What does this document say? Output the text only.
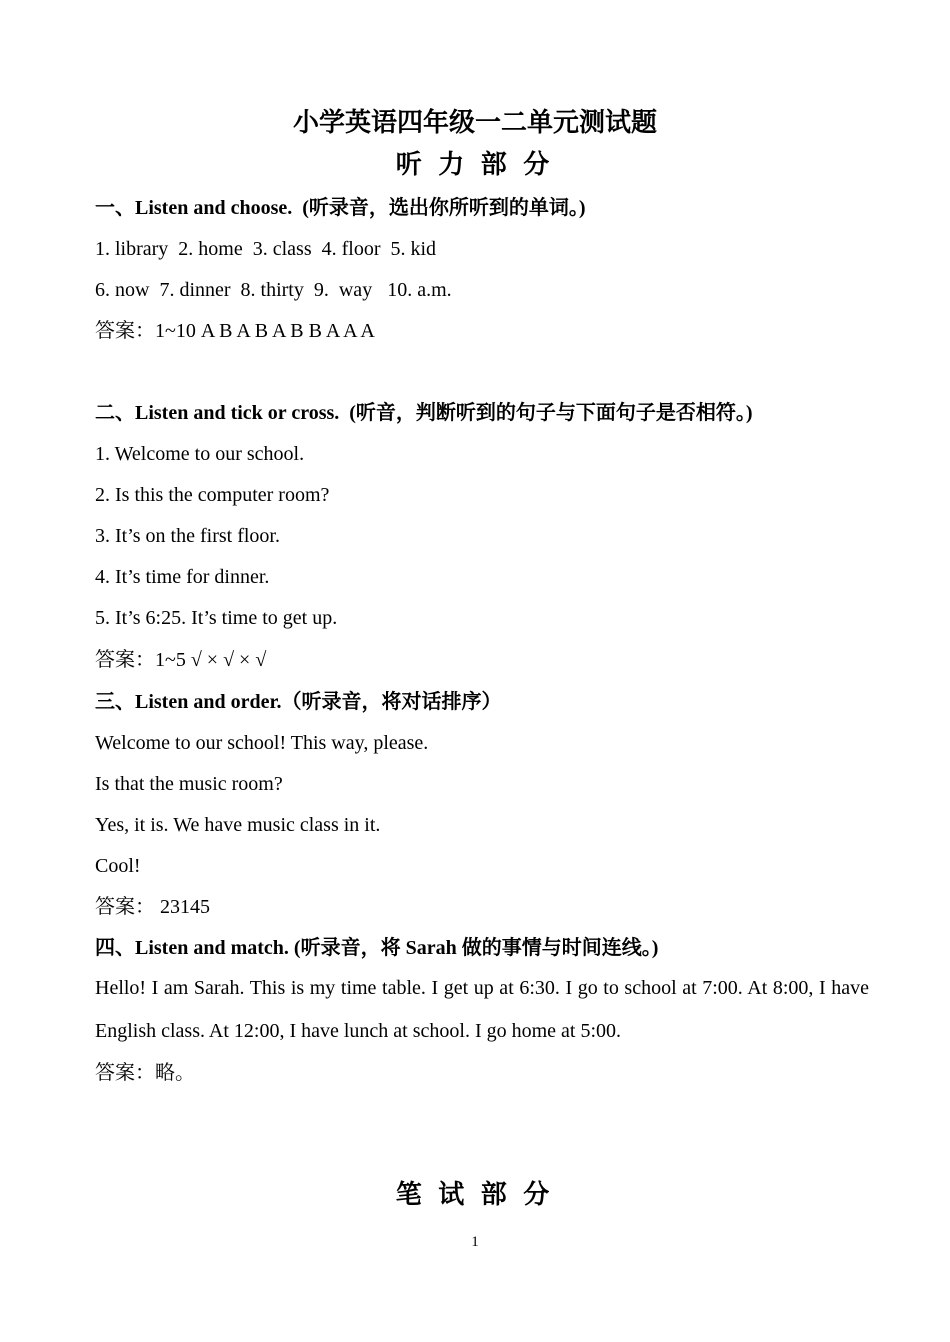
小学英语四年级一二单元测试题
听 力 部 分
一、Listen and choose.  (听录音，选出你所听到的单词。)
1. library  2. home  3. class  4. floor  5. kid
6. now  7. dinner  8. thirty  9.  way   10. a.m.
答案：1~10 A B A B A B B A A A
二、Listen and tick or cross.  (听音，判断听到的句子与下面句子是否相符。)
1. Welcome to our school.
2. Is this the computer room?
3. It’s on the first floor.
4. It’s time for dinner.
5. It’s 6:25. It’s time to get up.
答案：1~5 √ × √ × √
三、Listen and order.（听录音，将对话排序）
Welcome to our school! This way, please.
Is that the music room?
Yes, it is. We have music class in it.
Cool!
答案： 23145
四、Listen and match. (听录音，将 Sarah 做的事情与时间连线。)
Hello! I am Sarah. This is my time table. I get up at 6:30. I go to school at 7:00. At 8:00, I have English class. At 12:00, I have lunch at school. I go home at 5:00.
答案：略。
笔 试 部 分
1
